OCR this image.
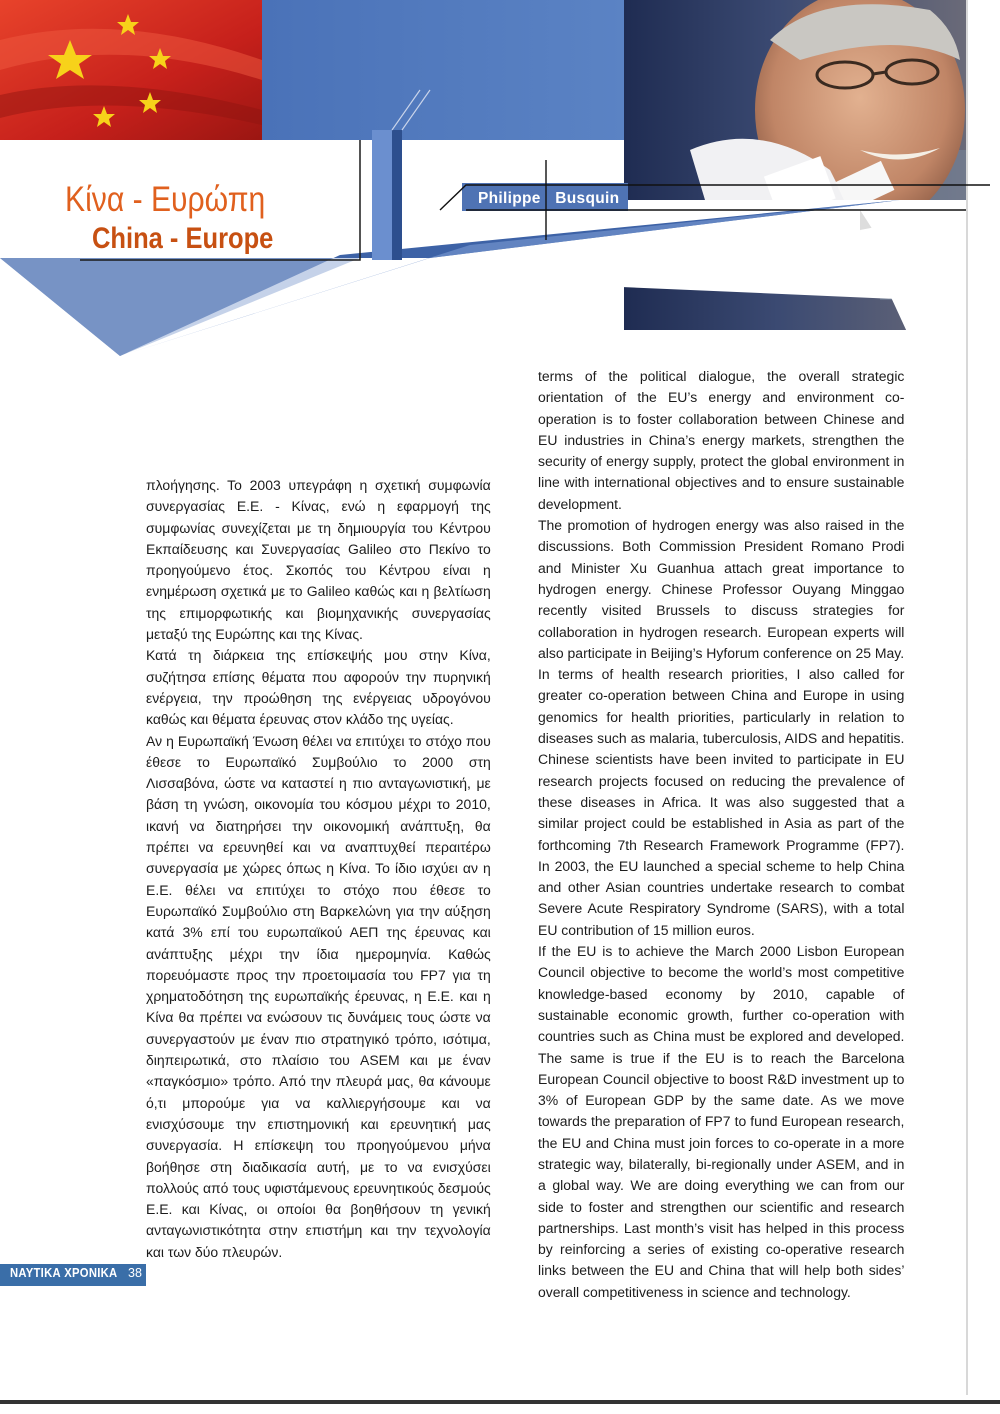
Κίνα - Ευρώπη
China - Europe
Philippe Busquin

πλοήγησης. Το 2003 υπεγράφη η σχετική συμφωνία συνεργασίας Ε.Ε. - Κίνας, ενώ η εφαρμογή της συμφωνίας συνεχίζεται με τη δημιουργία του Κέντρου Εκπαίδευσης και Συνεργασίας Galileo στο Πεκίνο το προηγούμενο έτος. Σκοπός του Κέντρου είναι η ενημέρωση σχετικά με το Galileo καθώς και η βελτίωση της επιμορφωτικής και βιομηχανικής συνεργασίας μεταξύ της Ευρώπης και της Κίνας.

Κατά τη διάρκεια της επίσκεψής μου στην Κίνα, συζήτησα επίσης θέματα που αφορούν την πυρηνική ενέργεια, την προώθηση της ενέργειας υδρογόνου καθώς και θέματα έρευνας στον κλάδο της υγείας.

Αν η Ευρωπαϊκή Ένωση θέλει να επιτύχει το στόχο που έθεσε το Ευρωπαϊκό Συμβούλιο το 2000 στη Λισσαβόνα, ώστε να καταστεί η πιο ανταγωνιστική, με βάση τη γνώση, οικονομία του κόσμου μέχρι το 2010, ικανή να διατηρήσει την οικονομική ανάπτυξη, θα πρέπει να ερευνηθεί και να αναπτυχθεί περαιτέρω συνεργασία με χώρες όπως η Κίνα. Το ίδιο ισχύει αν η Ε.Ε. θέλει να επιτύχει το στόχο που έθεσε το Ευρωπαϊκό Συμβούλιο στη Βαρκελώνη για την αύξηση κατά 3% επί του ευρωπαϊκού ΑΕΠ της έρευνας και ανάπτυξης μέχρι την ίδια ημερομηνία. Καθώς πορευόμαστε προς την προετοιμασία του FP7 για τη χρηματοδότηση της ευρωπαϊκής έρευνας, η Ε.Ε. και η Κίνα θα πρέπει να ενώσουν τις δυνάμεις τους ώστε να συνεργαστούν με έναν πιο στρατηγικό τρόπο, ισότιμα, διηπειρωτικά, στο πλαίσιο του ASEM και με έναν «παγκόσμιο» τρόπο. Από την πλευρά μας, θα κάνουμε ό,τι μπορούμε για να καλλιεργήσουμε και να ενισχύσουμε την επιστημονική και ερευνητική μας συνεργασία. Η επίσκεψη του προηγούμενου μήνα βοήθησε στη διαδικασία αυτή, με το να ενισχύσει πολλούς από τους υφιστάμενους ερευνητικούς δεσμούς Ε.Ε. και Κίνας, οι οποίοι θα βοηθήσουν τη γενική ανταγωνιστικότητα στην επιστήμη και την τεχνολογία και των δύο πλευρών.

terms of the political dialogue, the overall strategic orientation of the EU’s energy and environment co-operation is to foster collaboration between Chinese and EU industries in China’s energy markets, strengthen the security of energy supply, protect the global environment in line with international objectives and to ensure sustainable development.

The promotion of hydrogen energy was also raised in the discussions. Both Commission President Romano Prodi and Minister Xu Guanhua attach great importance to hydrogen energy. Chinese Professor Ouyang Minggao recently visited Brussels to discuss strategies for collaboration in hydrogen research. European experts will also participate in Beijing’s Hyforum conference on 25 May.

In terms of health research priorities, I also called for greater co-operation between China and Europe in using genomics for health priorities, particularly in relation to diseases such as malaria, tuberculosis, AIDS and hepatitis. Chinese scientists have been invited to participate in EU research projects focused on reducing the prevalence of these diseases in Africa. It was also suggested that a similar project could be established in Asia as part of the forthcoming 7th Research Framework Programme (FP7). In 2003, the EU launched a special scheme to help China and other Asian countries undertake research to combat Severe Acute Respiratory Syndrome (SARS), with a total EU contribution of 15 million euros.

If the EU is to achieve the March 2000 Lisbon European Council objective to become the world’s most competitive knowledge-based economy by 2010, capable of sustainable economic growth, further co-operation with countries such as China must be explored and developed. The same is true if the EU is to reach the Barcelona European Council objective to boost R&D investment up to 3% of European GDP by the same date. As we move towards the preparation of FP7 to fund European research, the EU and China must join forces to co-operate in a more strategic way, bilaterally, bi-regionally under ASEM, and in a global way. We are doing everything we can from our side to foster and strengthen our scientific and research partnerships. Last month’s visit has helped in this process by reinforcing a series of existing co-operative research links between the EU and China that will help both sides’ overall competitiveness in science and technology.

ΝΑΥΤΙΚΑ ΧΡΟΝΙΚΑ 38
